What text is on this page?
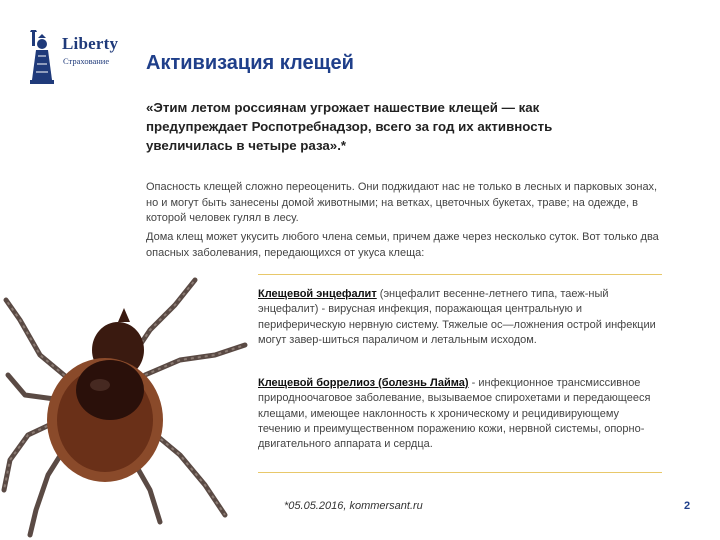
Liberty
Страхование Активизация клещей
«Этим летом россиянам угрожает нашествие клещей — как предупреждает Роспотребнадзор, всего за год их активность увеличилась в четыре раза».*
Опасность клещей сложно переоценить. Они поджидают нас не только в лесных и парковых зонах, но и могут быть занесены домой животными; на ветках, цветочных букетах, траве; на одежде, в которой человек гулял в лесу.
Дома клещ может укусить любого члена семьи, причем даже через несколько суток. Вот только два опасных заболевания, передающихся от укуса клеща:
Клещевой энцефалит (энцефалит весенне-летнего типа, таеж-ный энцефалит) - вирусная инфекция, поражающая центральную и периферическую нервную систему. Тяжелые ос—ложнения острой инфекции могут завер-шиться параличом и летальным исходом.
Клещевой боррелиоз (болезнь Лайма) - инфекционное трансмиссивное природноочаговое заболевание, вызываемое спирохетами и передающееся клещами, имеющее наклонность к хроническому и рецидивирующему течению и преимущественном поражению кожи, нервной системы, опорно-двигательного аппарата и сердца.
*05.05.2016, kommersant.ru	2
